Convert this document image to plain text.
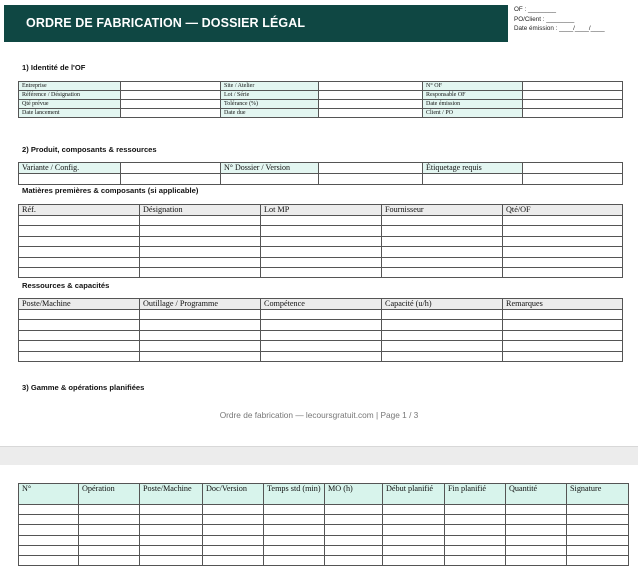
ORDRE DE FABRICATION — DOSSIER LÉGAL
OF : ________
PO/Client : ________
Date émission : ____/____/____
1) Identité de l'OF
Entreprise		Site / Atelier		N° OF	
Référence / Désignation		Lot / Série		Responsable OF	
Qté prévue		Tolérance (%)		Date émission	
Date lancement		Date due		Client / PO	
2) Produit, composants & ressources
Variante / Config.		N° Dossier / Version		Étiquetage requis	

Matières premières & composants (si applicable)
Réf.	Désignation	Lot MP	Fournisseur	Qté/OF

Ressources & capacités
Poste/Machine	Outillage / Programme	Compétence	Capacité (u/h)	Remarques

3) Gamme & opérations planifiées
Ordre de fabrication — lecoursgratuit.com | Page 1 / 3
N°	Opération	Poste/Machine	Doc/Version	Temps std (min)	MO (h)	Début planifié	Fin planifié	Quantité	Signature
